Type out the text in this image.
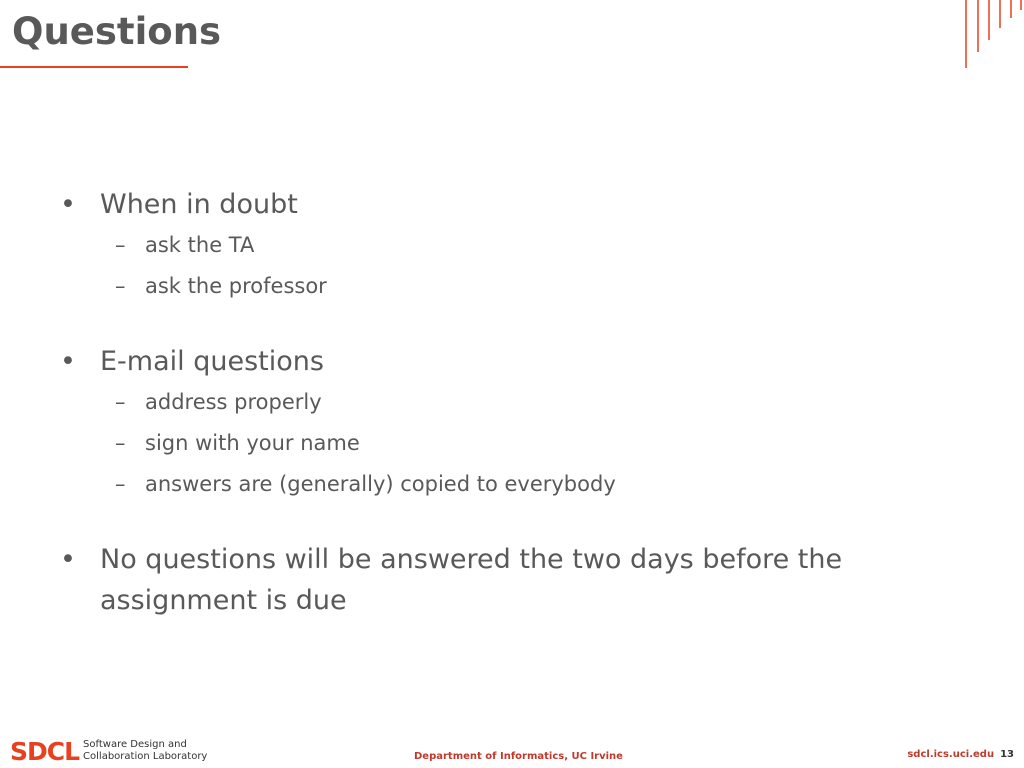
Questions
• When in doubt
– ask the TA
– ask the professor
• E-mail questions
– address properly
– sign with your name
– answers are (generally) copied to everybody
• No questions will be answered the two days before the assignment is due
SDCL Software Design and
Collaboration Laboratory	Department of Informatics, UC Irvine	sdcl.ics.uci.edu 13
